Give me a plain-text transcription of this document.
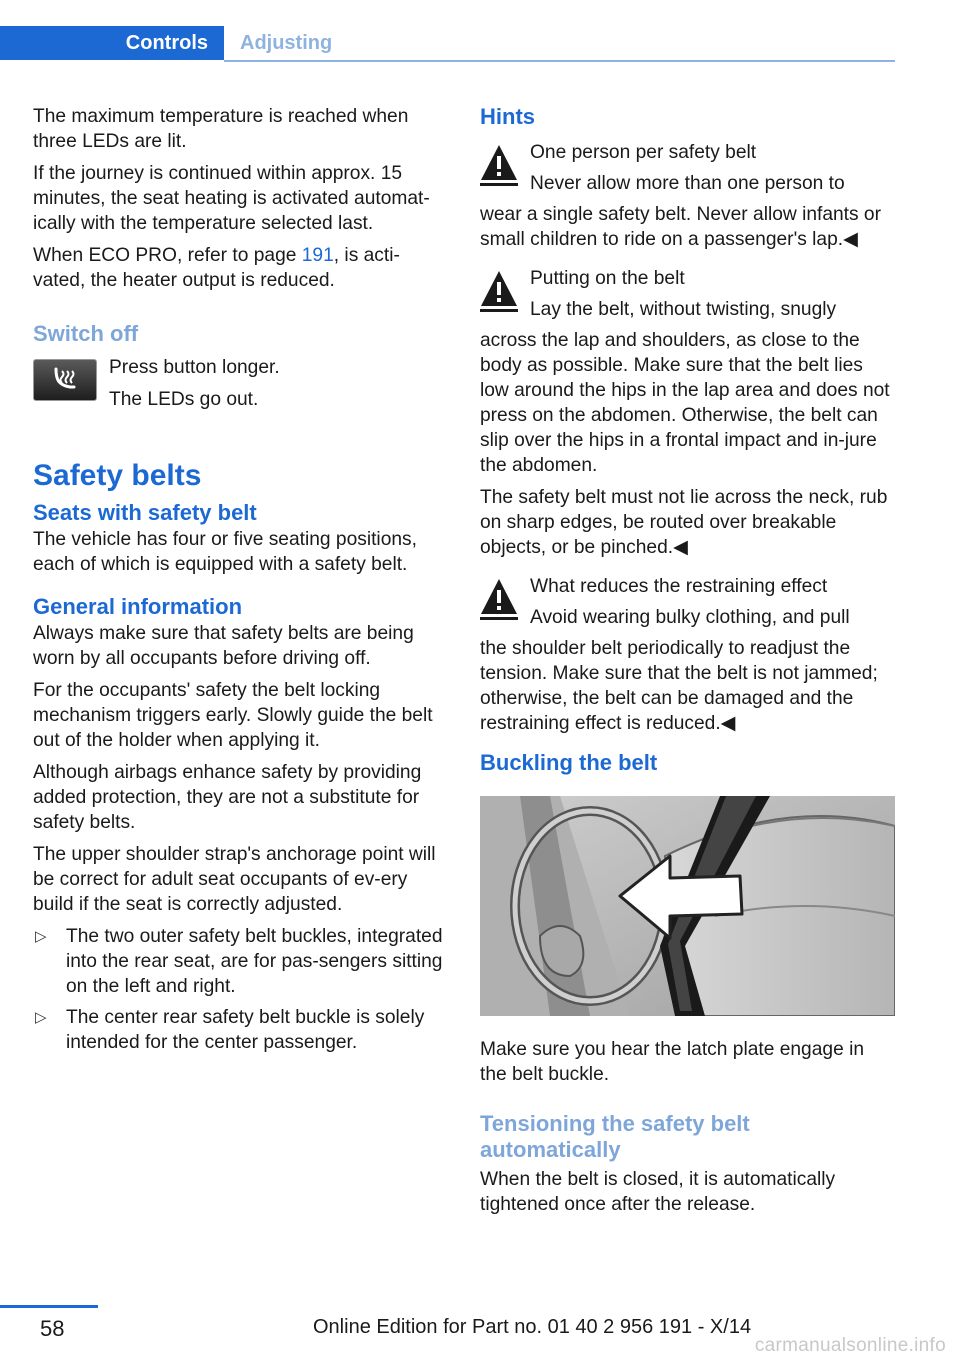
Controls	Adjusting

The maximum temperature is reached when three LEDs are lit.

If the journey is continued within approx. 15 minutes, the seat heating is activated automat‐ically with the temperature selected last.

When ECO PRO, refer to page 191, is acti‐vated, the heater output is reduced.

Switch off

Press button longer.

The LEDs go out.

Safety belts
Seats with safety belt

The vehicle has four or five seating positions, each of which is equipped with a safety belt.

General information

Always make sure that safety belts are being worn by all occupants before driving off.

For the occupants' safety the belt locking mechanism triggers early. Slowly guide the belt out of the holder when applying it.

Although airbags enhance safety by providing added protection, they are not a substitute for safety belts.

The upper shoulder strap's anchorage point will be correct for adult seat occupants of ev‐ery build if the seat is correctly adjusted.

▷ The two outer safety belt buckles, integrated into the rear seat, are for pas‐sengers sitting on the left and right.
▷ The center rear safety belt buckle is solely intended for the center passenger.
Hints

One person per safety belt

Never allow more than one person to

wear a single safety belt. Never allow infants or small children to ride on a passenger's lap.◀

Putting on the belt

Lay the belt, without twisting, snugly

across the lap and shoulders, as close to the body as possible. Make sure that the belt lies low around the hips in the lap area and does not press on the abdomen. Otherwise, the belt can slip over the hips in a frontal impact and in‐jure the abdomen.

The safety belt must not lie across the neck, rub on sharp edges, be routed over breakable objects, or be pinched.◀

What reduces the restraining effect

Avoid wearing bulky clothing, and pull

the shoulder belt periodically to readjust the tension. Make sure that the belt is not jammed; otherwise, the belt can be damaged and the restraining effect is reduced.◀

Buckling the belt

Make sure you hear the latch plate engage in the belt buckle.

Tensioning the safety belt automatically

When the belt is closed, it is automatically tightened once after the release.

58	Online Edition for Part no. 01 40 2 956 191 - X/14
carmanualsonline.info
